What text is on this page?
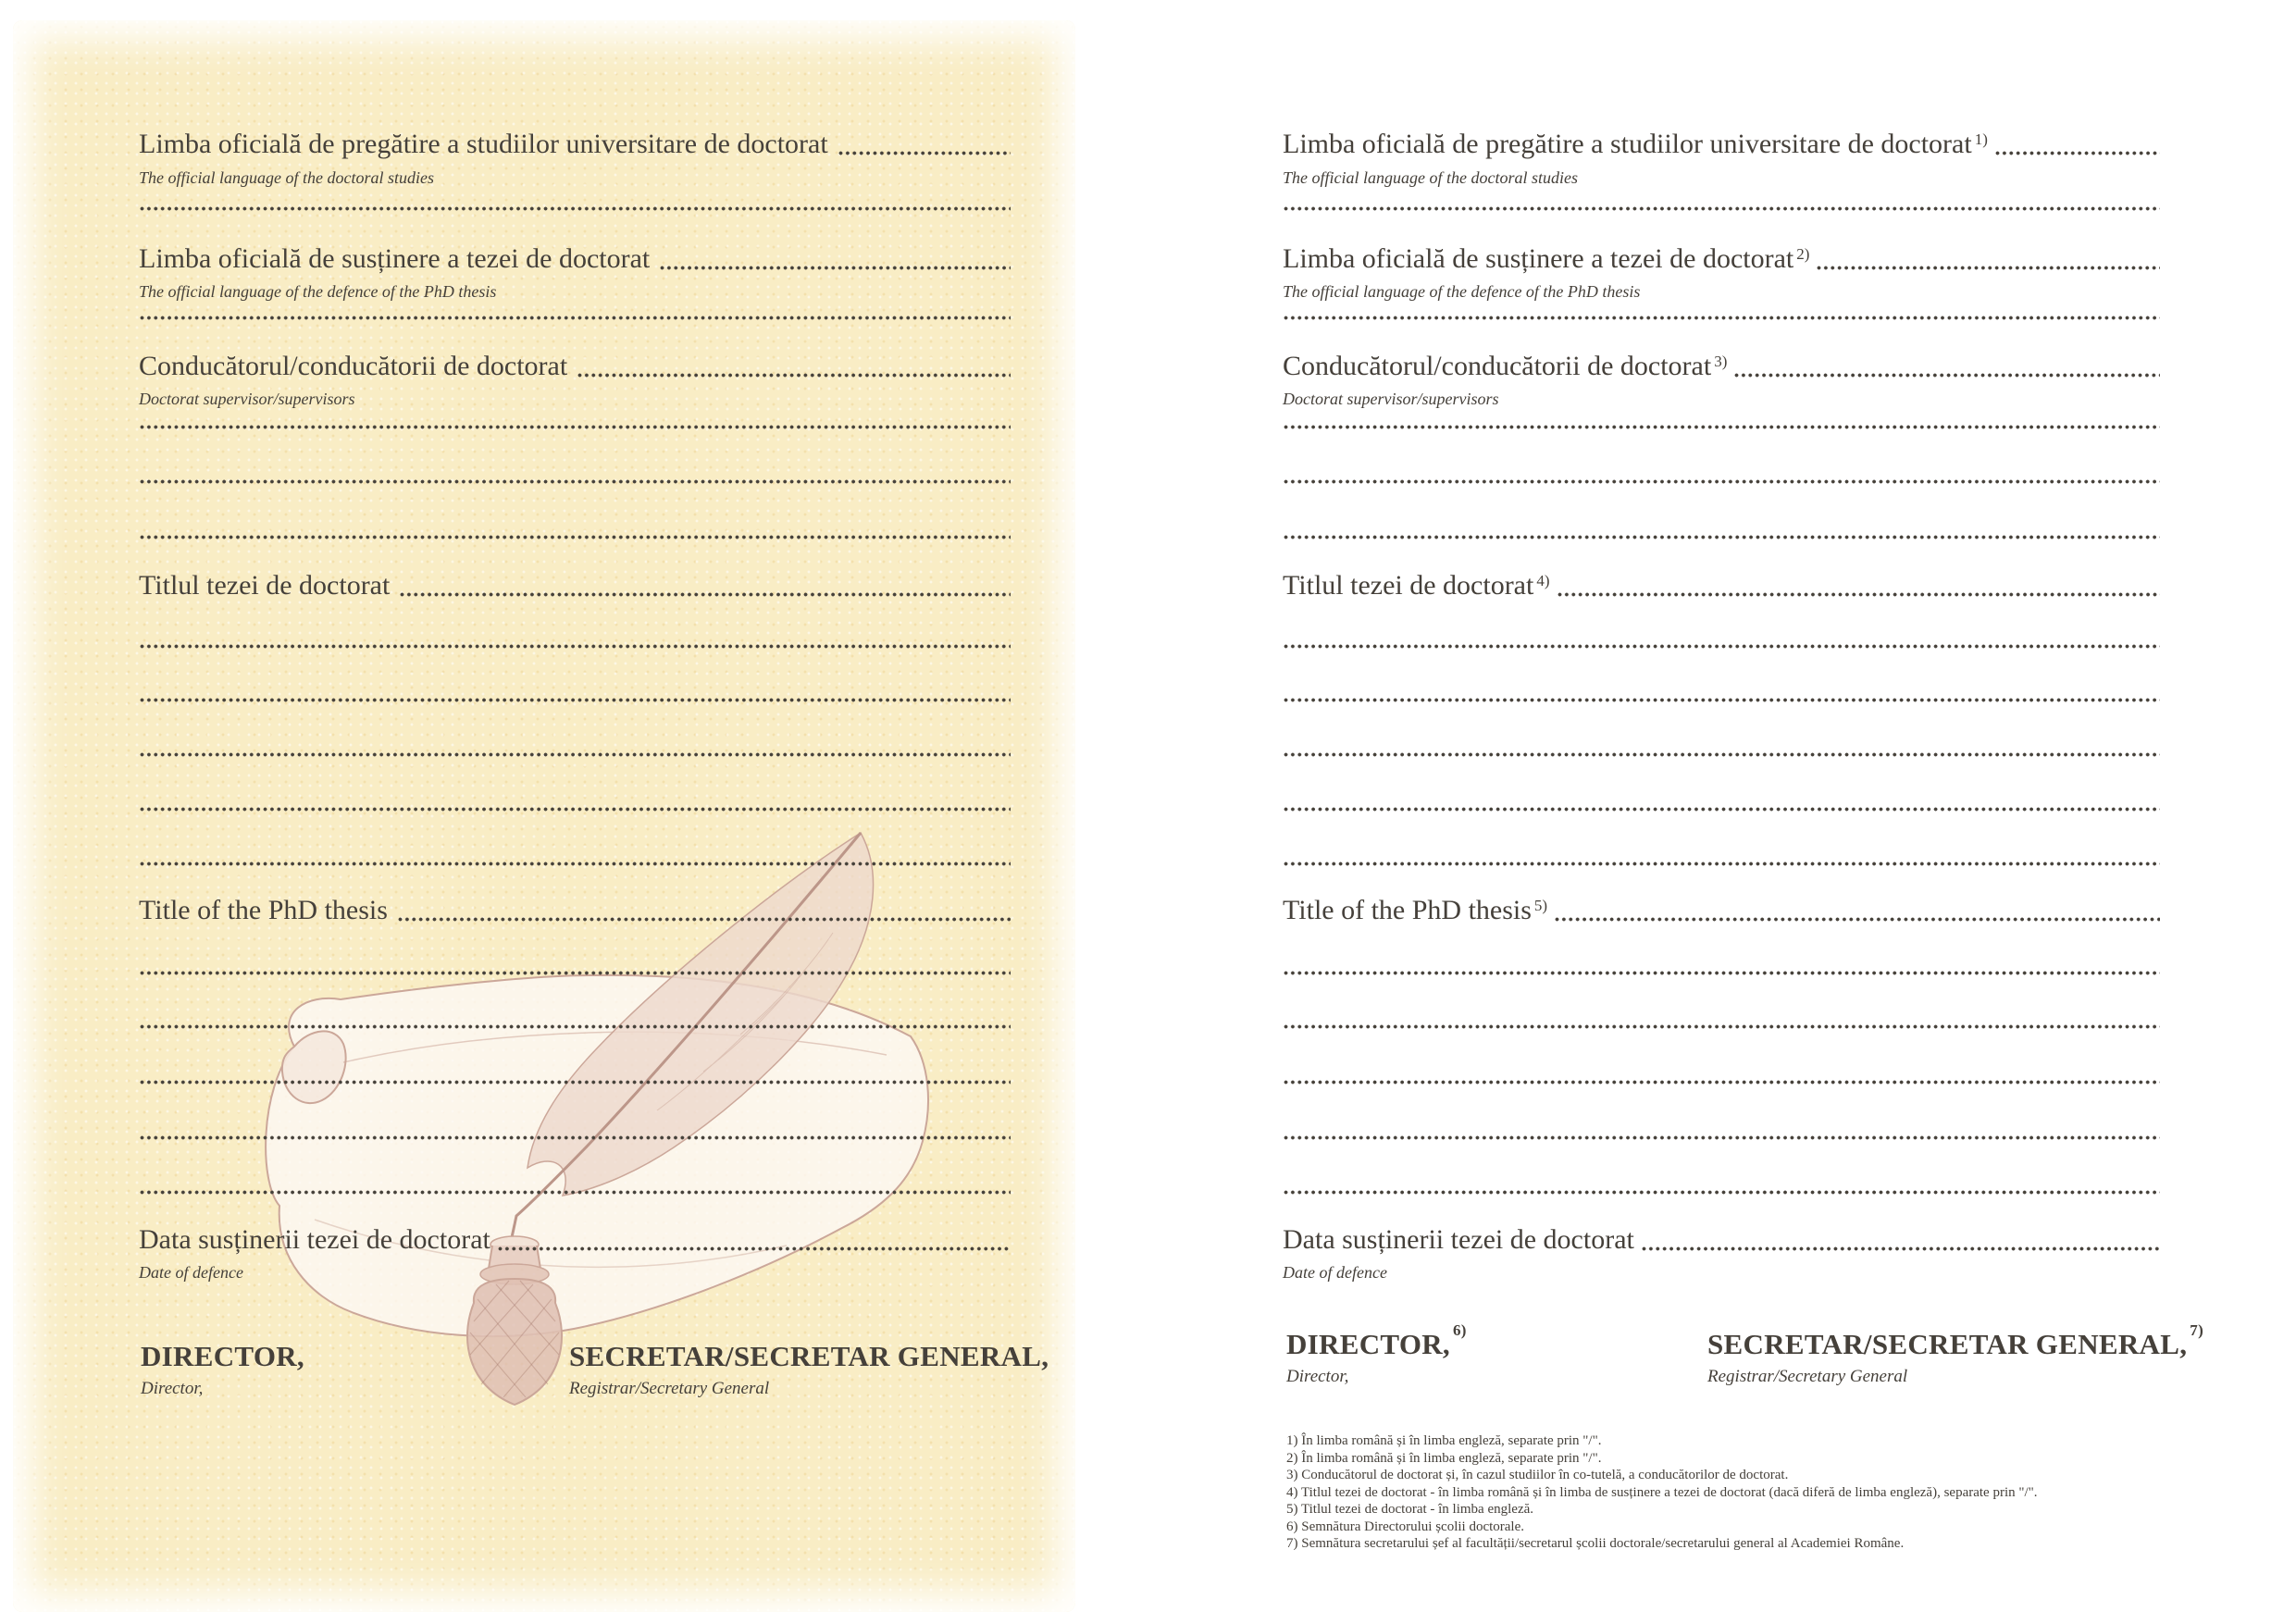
Limba oficială de pregătire a studiilor universitare de doctorat
The official language of the doctoral studies
Limba oficială de susținere a tezei de doctorat
The official language of the defence of the PhD thesis
Conducătorul/conducătorii de doctorat
Doctorat supervisor/supervisors
Titlul tezei de doctorat
Title of the PhD thesis
Data susținerii tezei de doctorat
Date of defence
DIRECTOR,
Director,
SECRETAR/SECRETAR GENERAL,
Registrar/Secretary General
Limba oficială de pregătire a studiilor universitare de doctorat 1)
The official language of the doctoral studies
Limba oficială de susținere a tezei de doctorat 2)
The official language of the defence of the PhD thesis
Conducătorul/conducătorii de doctorat 3)
Doctorat supervisor/supervisors
Titlul tezei de doctorat 4)
Title of the PhD thesis 5)
Data susținerii tezei de doctorat
Date of defence
DIRECTOR, 6)
Director,
SECRETAR/SECRETAR GENERAL, 7)
Registrar/Secretary General
1) În limba română și în limba engleză, separate prin "/".
2) În limba română și în limba engleză, separate prin "/".
3) Conducătorul de doctorat și, în cazul studiilor în co-tutelă, a conducătorilor de doctorat.
4) Titlul tezei de doctorat - în limba română și în limba de susținere a tezei de doctorat (dacă diferă de limba engleză), separate prin "/".
5) Titlul tezei de doctorat - în limba engleză.
6) Semnătura Directorului școlii doctorale.
7) Semnătura secretarului șef al facultății/secretarul școlii doctorale/secretarului general al Academiei Române.
